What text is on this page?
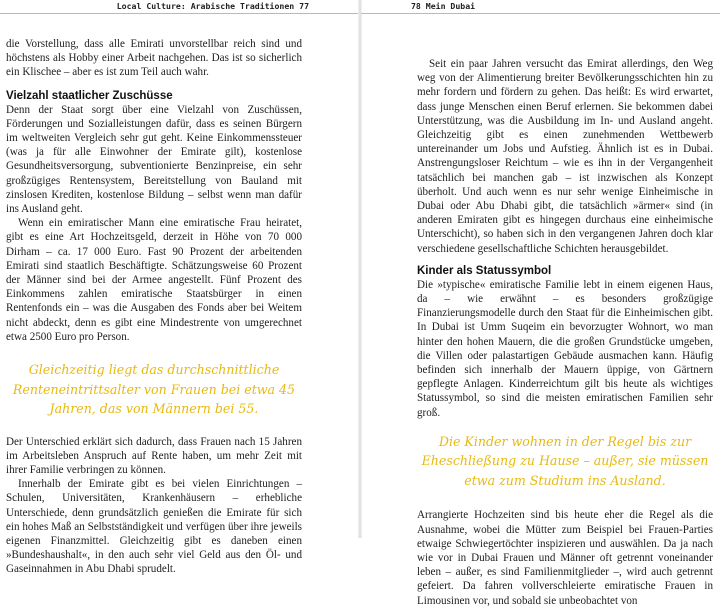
Local Culture: Arabische Traditionen 77

die Vorstellung, dass alle Emirati unvorstellbar reich sind und höchstens als Hobby einer Arbeit nachgehen. Das ist so sicherlich ein Klischee – aber es ist zum Teil auch wahr.

Vielzahl staatlicher Zuschüsse

Denn der Staat sorgt über eine Vielzahl von Zuschüssen, Förderungen und Sozialleistungen dafür, dass es seinen Bürgern im weltweiten Vergleich sehr gut geht. Keine Einkommenssteuer (was ja für alle Einwohner der Emirate gilt), kostenlose Gesundheitsversorgung, subventionierte Benzinpreise, ein sehr großzügiges Rentensystem, Bereitstellung von Bauland mit zinslosen Krediten, kostenlose Bildung – selbst wenn man dafür ins Ausland geht.

Wenn ein emiratischer Mann eine emiratische Frau heiratet, gibt es eine Art Hochzeitsgeld, derzeit in Höhe von 70 000 Dirham – ca. 17 000 Euro. Fast 90 Prozent der arbeitenden Emirati sind staatlich Beschäftigte. Schätzungsweise 60 Prozent der Männer sind bei der Armee angestellt. Fünf Prozent des Einkommens zahlen emiratische Staatsbürger in einen Rentenfonds ein – was die Ausgaben des Fonds aber bei Weitem nicht abdeckt, denn es gibt eine Mindestrente von umgerechnet etwa 2500 Euro pro Person.

Gleichzeitig liegt das durchschnittliche Renteneintrittsalter von Frauen bei etwa 45 Jahren, das von Männern bei 55.

Der Unterschied erklärt sich dadurch, dass Frauen nach 15 Jahren im Arbeitsleben Anspruch auf Rente haben, um mehr Zeit mit ihrer Familie verbringen zu können.

Innerhalb der Emirate gibt es bei vielen Einrichtungen – Schulen, Universitäten, Krankenhäusern – erhebliche Unterschiede, denn grundsätzlich genießen die Emirate für sich ein hohes Maß an Selbstständigkeit und verfügen über ihre jeweils eigenen Finanzmittel. Gleichzeitig gibt es daneben einen »Bundeshaushalt«, in den auch sehr viel Geld aus den Öl- und Gaseinnahmen in Abu Dhabi sprudelt.

78 Mein Dubai

Seit ein paar Jahren versucht das Emirat allerdings, den Weg weg von der Alimentierung breiter Bevölkerungsschichten hin zu mehr fordern und fördern zu gehen. Das heißt: Es wird erwartet, dass junge Menschen einen Beruf erlernen. Sie bekommen dabei Unterstützung, was die Ausbildung im In- und Ausland angeht. Gleichzeitig gibt es einen zunehmenden Wettbewerb untereinander um Jobs und Aufstieg. Ähnlich ist es in Dubai. Anstrengungsloser Reichtum – wie es ihn in der Vergangenheit tatsächlich bei manchen gab – ist inzwischen als Konzept überholt. Und auch wenn es nur sehr wenige Einheimische in Dubai oder Abu Dhabi gibt, die tatsächlich »ärmer« sind (in anderen Emiraten gibt es hingegen durchaus eine einheimische Unterschicht), so haben sich in den vergangenen Jahren doch klar verschiedene gesellschaftliche Schichten herausgebildet.

Kinder als Statussymbol

Die »typische« emiratische Familie lebt in einem eigenen Haus, da – wie erwähnt – es besonders großzügige Finanzierungsmodelle durch den Staat für die Einheimischen gibt. In Dubai ist Umm Suqeim ein bevorzugter Wohnort, wo man hinter den hohen Mauern, die die großen Grundstücke umgeben, die Villen oder palastartigen Gebäude ausmachen kann. Häufig befinden sich innerhalb der Mauern üppige, von Gärtnern gepflegte Anlagen. Kinderreichtum gilt bis heute als wichtiges Statussymbol, so sind die meisten emiratischen Familien sehr groß.

Die Kinder wohnen in der Regel bis zur Eheschließung zu Hause – außer, sie müssen etwa zum Studium ins Ausland.

Arrangierte Hochzeiten sind bis heute eher die Regel als die Ausnahme, wobei die Mütter zum Beispiel bei Frauen-Parties etwaige Schwiegertöchter inspizieren und auswählen. Da ja nach wie vor in Dubai Frauen und Männer oft getrennt voneinander leben – außer, es sind Familienmitglieder –, wird auch getrennt gefeiert. Da fahren vollverschleierte emiratische Frauen in Limousinen vor, und sobald sie unbeobachtet von
